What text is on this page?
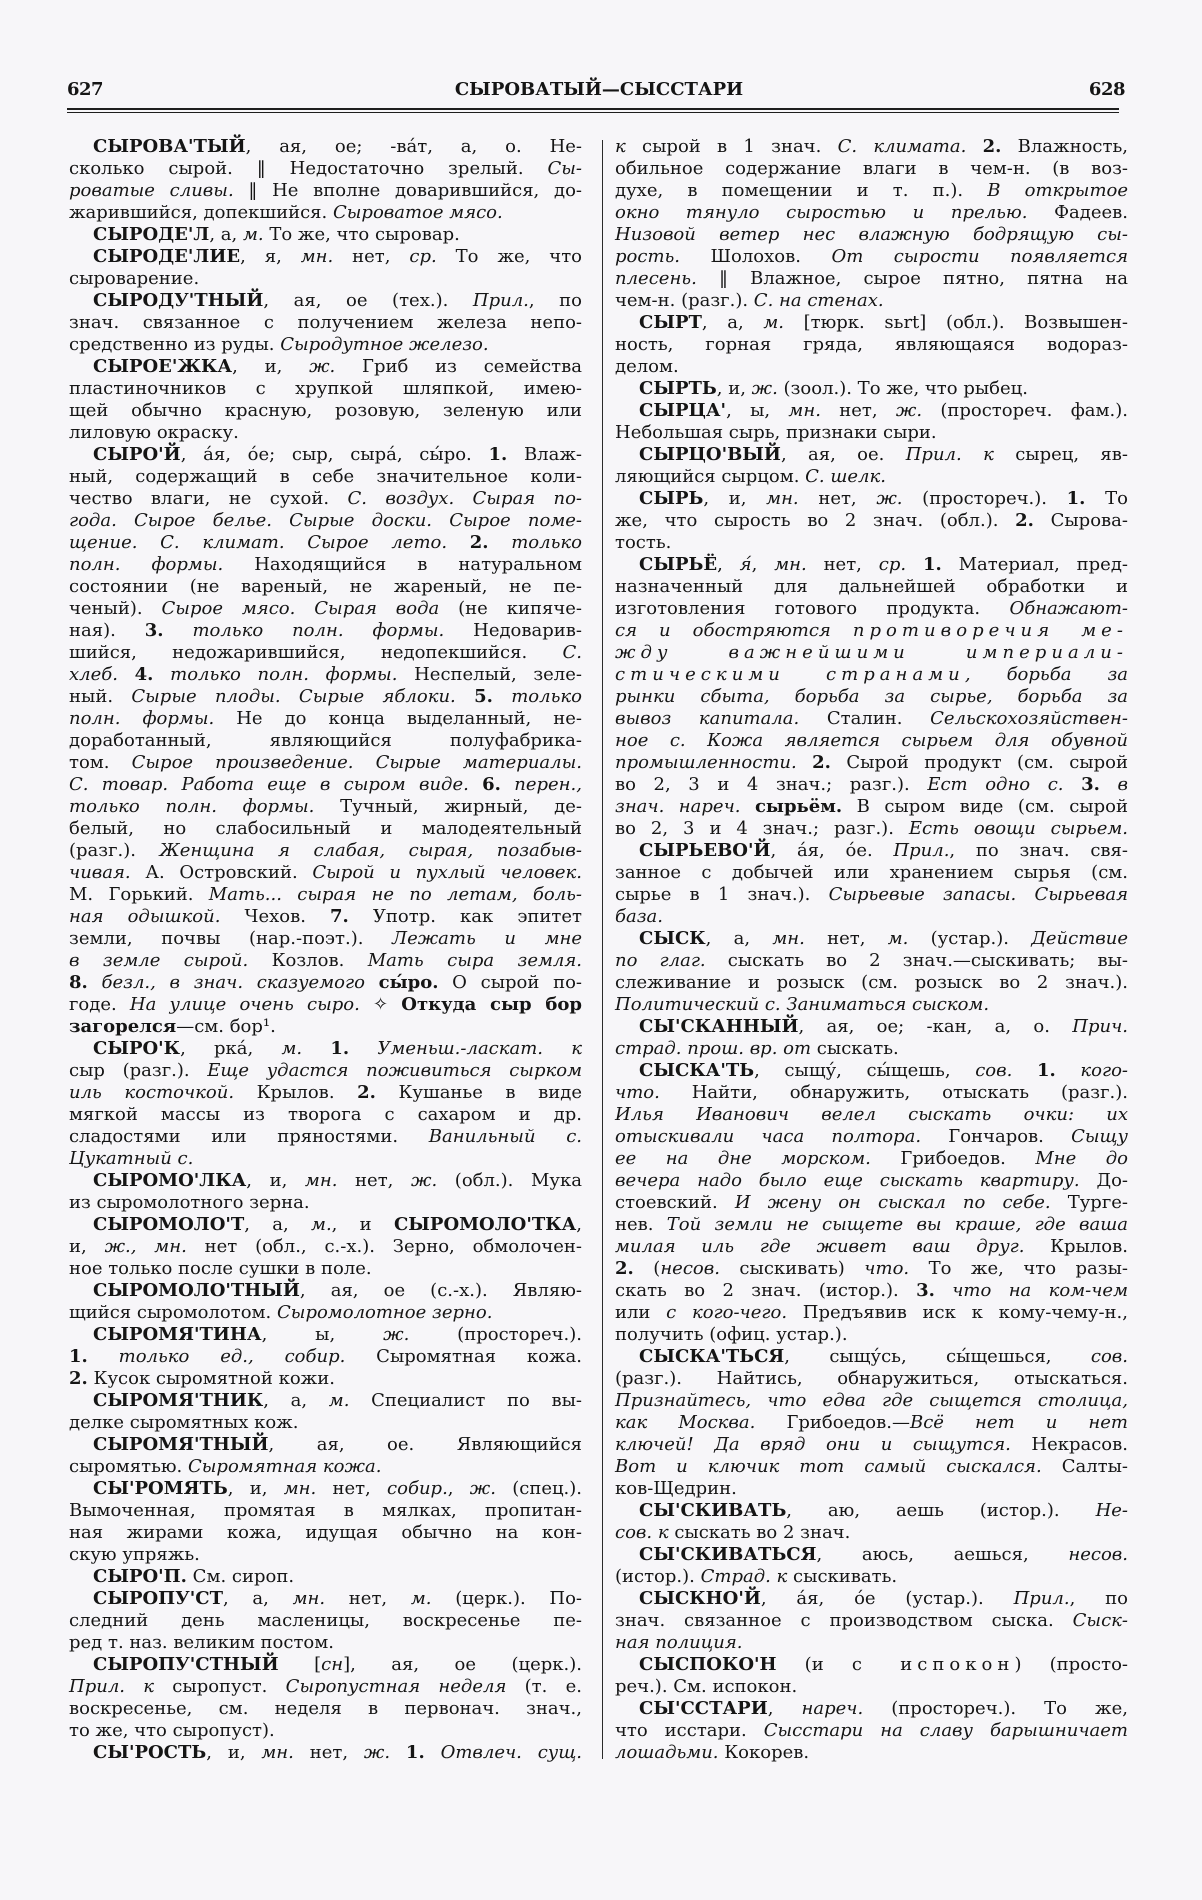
627	СЫРОВАТЫЙ—СЫССТАРИ	628
СЫРОВА'ТЫЙ, ая, ое; -ва́т, а, о. Не-
сколько сырой. ‖ Недостаточно зрелый. Сы-
роватые сливы. ‖ Не вполне доварившийся, до-
жарившийся, допекшийся. Сыроватое мясо.
СЫРОДЕ'Л, а, м. То же, что сыровар.
СЫРОДЕ'ЛИЕ, я, мн. нет, ср. То же, что
сыроварение.
СЫРОДУ'ТНЫЙ, ая, ое (тех.). Прил., по
знач. связанное с получением железа непо-
средственно из руды. Сыродутное железо.
СЫРОЕ'ЖКА, и, ж. Гриб из семейства
пластиночников с хрупкой шляпкой, имею-
щей обычно красную, розовую, зеленую или
лиловую окраску.
СЫРО'Й, а́я, о́е; сыр, сыра́, сы́ро. 1. Влаж-
ный, содержащий в себе значительное коли-
чество влаги, не сухой. С. воздух. Сырая по-
года. Сырое белье. Сырые доски. Сырое поме-
щение. С. климат. Сырое лето. 2. только
полн. формы. Находящийся в натуральном
состоянии (не вареный, не жареный, не пе-
ченый). Сырое мясо. Сырая вода (не кипяче-
ная). 3. только полн. формы. Недоварив-
шийся, недожарившийся, недопекшийся. С.
хлеб. 4. только полн. формы. Неспелый, зеле-
ный. Сырые плоды. Сырые яблоки. 5. только
полн. формы. Не до конца выделанный, не-
доработанный, являющийся полуфабрика-
том. Сырое произведение. Сырые материалы.
С. товар. Работа еще в сыром виде. 6. перен.,
только полн. формы. Тучный, жирный, де-
белый, но слабосильный и малодеятельный
(разг.). Женщина я слабая, сырая, позабыв-
чивая. А. Островский. Сырой и пухлый человек.
М. Горький. Мать... сырая не по летам, боль-
ная одышкой. Чехов. 7. Употр. как эпитет
земли, почвы (нар.-поэт.). Лежать и мне
в земле сырой. Козлов. Мать сыра земля.
8. безл., в знач. сказуемого сы́ро. О сырой по-
годе. На улице очень сыро. ✧ Откуда сыр бор
загорелся—см. бор¹.
СЫРО'К, рка́, м. 1. Уменьш.-ласкат. к
сыр (разг.). Еще удастся поживиться сырком
иль косточкой. Крылов. 2. Кушанье в виде
мягкой массы из творога с сахаром и др.
сладостями или пряностями. Ванильный с.
Цукатный с.
СЫРОМО'ЛКА, и, мн. нет, ж. (обл.). Мука
из сыромолотного зерна.
СЫРОМОЛО'Т, а, м., и СЫРОМОЛО'ТКА,
и, ж., мн. нет (обл., с.-х.). Зерно, обмолочен-
ное только после сушки в поле.
СЫРОМОЛО'ТНЫЙ, ая, ое (с.-х.). Являю-
щийся сыромолотом. Сыромолотное зерно.
СЫРОМЯ'ТИНА, ы, ж. (простореч.).
1. только ед., собир. Сыромятная кожа.
2. Кусок сыромятной кожи.
СЫРОМЯ'ТНИК, а, м. Специалист по вы-
делке сыромятных кож.
СЫРОМЯ'ТНЫЙ, ая, ое. Являющийся
сыромятью. Сыромятная кожа.
СЫ'РОМЯТЬ, и, мн. нет, собир., ж. (спец.).
Вымоченная, промятая в мялках, пропитан-
ная жирами кожа, идущая обычно на кон-
скую упряжь.
СЫРО'П. См. сироп.
СЫРОПУ'СТ, а, мн. нет, м. (церк.). По-
следний день масленицы, воскресенье пе-
ред т. наз. великим постом.
СЫРОПУ'СТНЫЙ [сн], ая, ое (церк.).
Прил. к сыропуст. Сыропустная неделя (т. е.
воскресенье, см. неделя в первонач. знач.,
то же, что сыропуст).
СЫ'РОСТЬ, и, мн. нет, ж. 1. Отвлеч. сущ.
к сырой в 1 знач. С. климата. 2. Влажность,
обильное содержание влаги в чем-н. (в воз-
духе, в помещении и т. п.). В открытое
окно тянуло сыростью и прелью. Фадеев.
Низовой ветер нес влажную бодрящую сы-
рость. Шолохов. От сырости появляется
плесень. ‖ Влажное, сырое пятно, пятна на
чем-н. (разг.). С. на стенах.
СЫРТ, а, м. [тюрк. sьrt] (обл.). Возвышен-
ность, горная гряда, являющаяся водораз-
делом.
СЫРТЬ, и, ж. (зоол.). То же, что рыбец.
СЫРЦА', ы, мн. нет, ж. (простореч. фам.).
Небольшая сырь, признаки сыри.
СЫРЦО'ВЫЙ, ая, ое. Прил. к сырец, яв-
ляющийся сырцом. С. шелк.
СЫРЬ, и, мн. нет, ж. (простореч.). 1. То
же, что сырость во 2 знач. (обл.). 2. Сырова-
тость.
СЫРЬЁ, я́, мн. нет, ср. 1. Материал, пред-
назначенный для дальнейшей обработки и
изготовления готового продукта. Обнажают-
ся и обостряются противоречия ме-
жду важнейшими империали-
стическими странами, борьба за
рынки сбыта, борьба за сырье, борьба за
вывоз капитала. Сталин. Сельскохозяйствен-
ное с. Кожа является сырьем для обувной
промышленности. 2. Сырой продукт (см. сырой
во 2, 3 и 4 знач.; разг.). Ест одно с. 3. в
знач. нареч. сырьём. В сыром виде (см. сырой
во 2, 3 и 4 знач.; разг.). Есть овощи сырьем.
СЫРЬЕВО'Й, а́я, о́е. Прил., по знач. свя-
занное с добычей или хранением сырья (см.
сырье в 1 знач.). Сырьевые запасы. Сырьевая
база.
СЫСК, а, мн. нет, м. (устар.). Действие
по глаг. сыскать во 2 знач.—сыскивать; вы-
слеживание и розыск (см. розыск во 2 знач.).
Политический с. Заниматься сыском.
СЫ'СКАННЫЙ, ая, ое; -кан, а, о. Прич.
страд. прош. вр. от сыскать.
СЫСКА'ТЬ, сыщу́, сы́щешь, сов. 1. кого-
что. Найти, обнаружить, отыскать (разг.).
Илья Иванович велел сыскать очки: их
отыскивали часа полтора. Гончаров. Сыщу
ее на дне морском. Грибоедов. Мне до
вечера надо было еще сыскать квартиру. До-
стоевский. И жену он сыскал по себе. Турге-
нев. Той земли не сыщете вы краше, где ваша
милая иль где живет ваш друг. Крылов.
2. (несов. сыскивать) что. То же, что разы-
скать во 2 знач. (истор.). 3. что на ком-чем
или с кого-чего. Предъявив иск к кому-чему-н.,
получить (офиц. устар.).
СЫСКА'ТЬСЯ, сыщу́сь, сы́щешься, сов.
(разг.). Найтись, обнаружиться, отыскаться.
Признайтесь, что едва где сыщется столица,
как Москва. Грибоедов.—Всё нет и нет
ключей! Да вряд они и сыщутся. Некрасов.
Вот и ключик тот самый сыскался. Салты-
ков-Щедрин.
СЫ'СКИВАТЬ, аю, аешь (истор.). Не-
сов. к сыскать во 2 знач.
СЫ'СКИВАТЬСЯ, аюсь, аешься, несов.
(истор.). Страд. к сыскивать.
СЫСКНО'Й, а́я, о́е (устар.). Прил., по
знач. связанное с производством сыска. Сыск-
ная полиция.
СЫСПОКО'Н (и с испокон) (просто-
реч.). См. испокон.
СЫ'ССТАРИ, нареч. (простореч.). То же,
что исстари. Сысстари на славу барышничает
лошадьми. Кокорев.
